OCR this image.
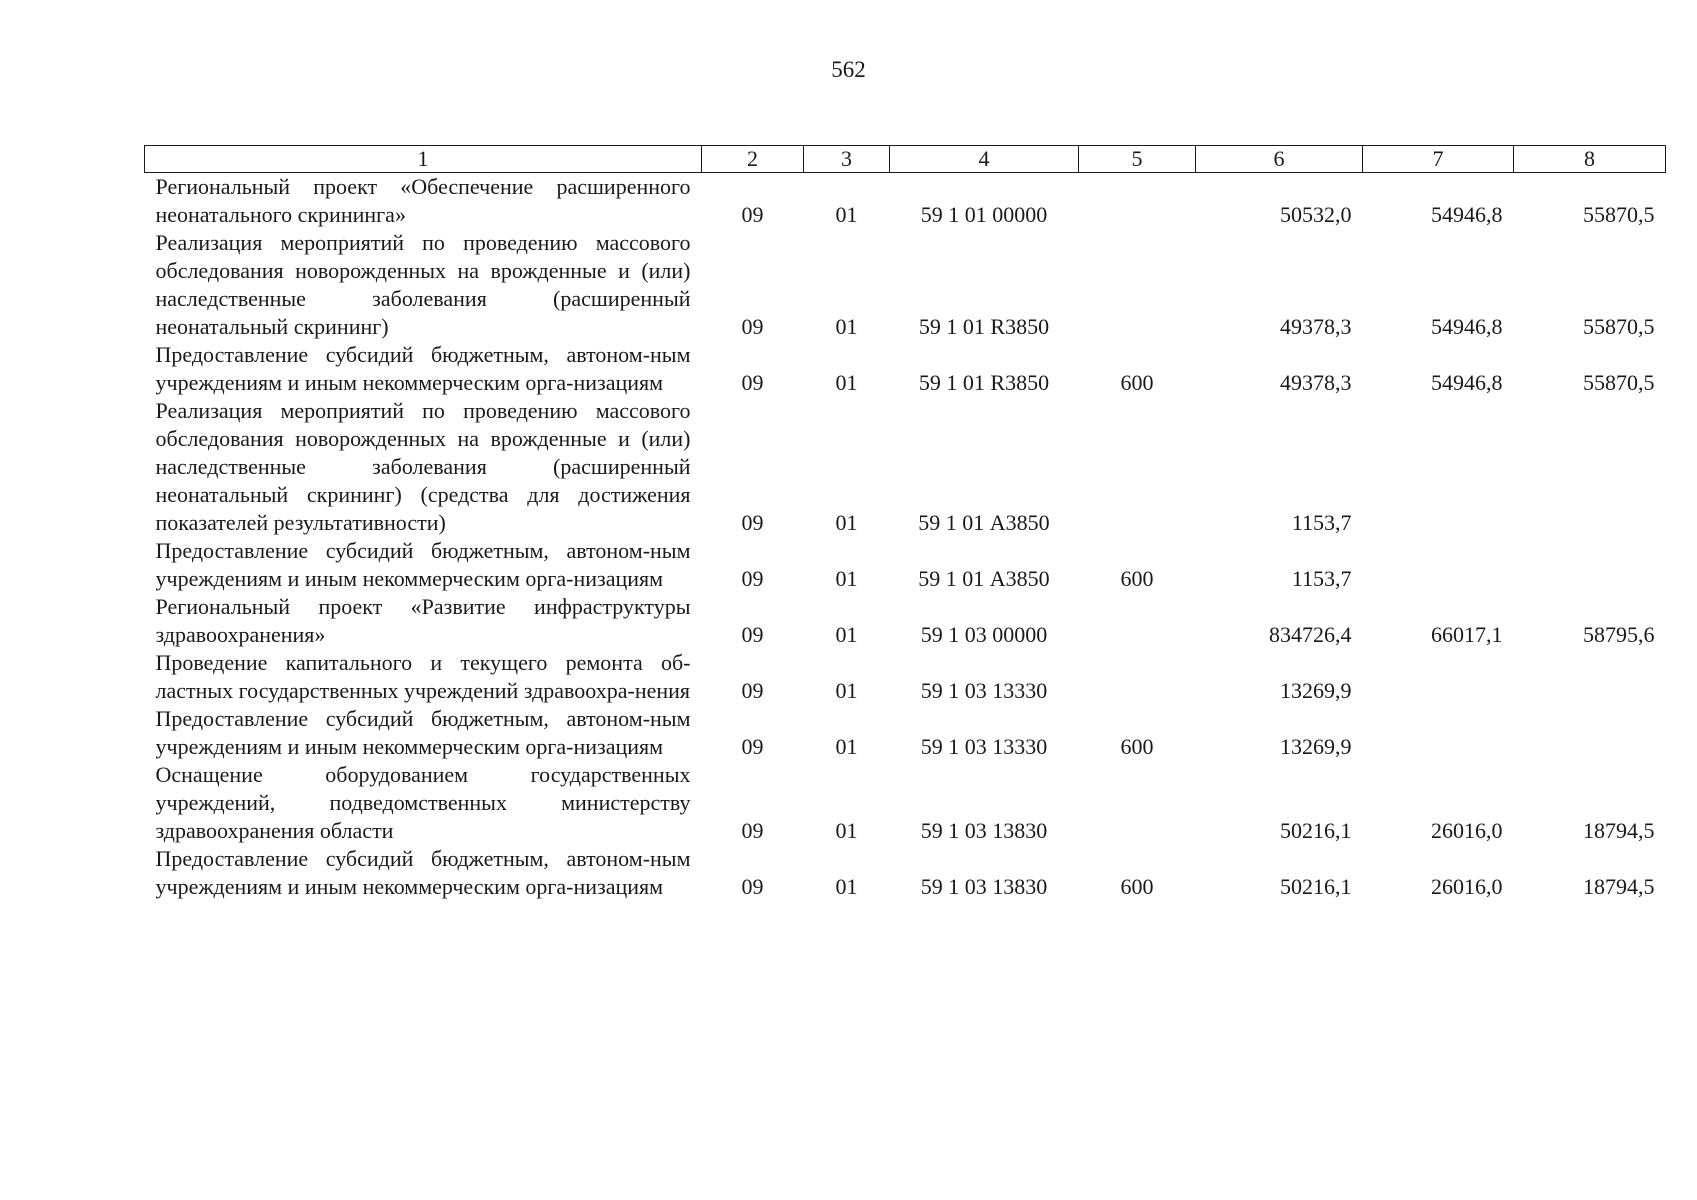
562
1	2	3	4	5	6	7	8
Региональный проект «Обеспечение расширенного неонатального скрининга»	09	01	59 1 01 00000		50532,0	54946,8	55870,5
Реализация мероприятий по проведению массового обследования новорожденных на врожденные и (или) наследственные заболевания (расширенный неонатальный скрининг)	09	01	59 1 01 R3850		49378,3	54946,8	55870,5
Предоставление субсидий бюджетным, автоном-ным учреждениям и иным некоммерческим орга-низациям	09	01	59 1 01 R3850	600	49378,3	54946,8	55870,5
Реализация мероприятий по проведению массового обследования новорожденных на врожденные и (или) наследственные заболевания (расширенный неонатальный скрининг) (средства для достижения показателей результативности)	09	01	59 1 01 А3850		1153,7		
Предоставление субсидий бюджетным, автоном-ным учреждениям и иным некоммерческим орга-низациям	09	01	59 1 01 А3850	600	1153,7		
Региональный проект «Развитие инфраструктуры здравоохранения»	09	01	59 1 03 00000		834726,4	66017,1	58795,6
Проведение капитального и текущего ремонта об-ластных государственных учреждений здравоохра-нения	09	01	59 1 03 13330		13269,9		
Предоставление субсидий бюджетным, автоном-ным учреждениям и иным некоммерческим орга-низациям	09	01	59 1 03 13330	600	13269,9		
Оснащение оборудованием государственных учреждений, подведомственных министерству здравоохранения области	09	01	59 1 03 13830		50216,1	26016,0	18794,5
Предоставление субсидий бюджетным, автоном-ным учреждениям и иным некоммерческим орга-низациям	09	01	59 1 03 13830	600	50216,1	26016,0	18794,5
